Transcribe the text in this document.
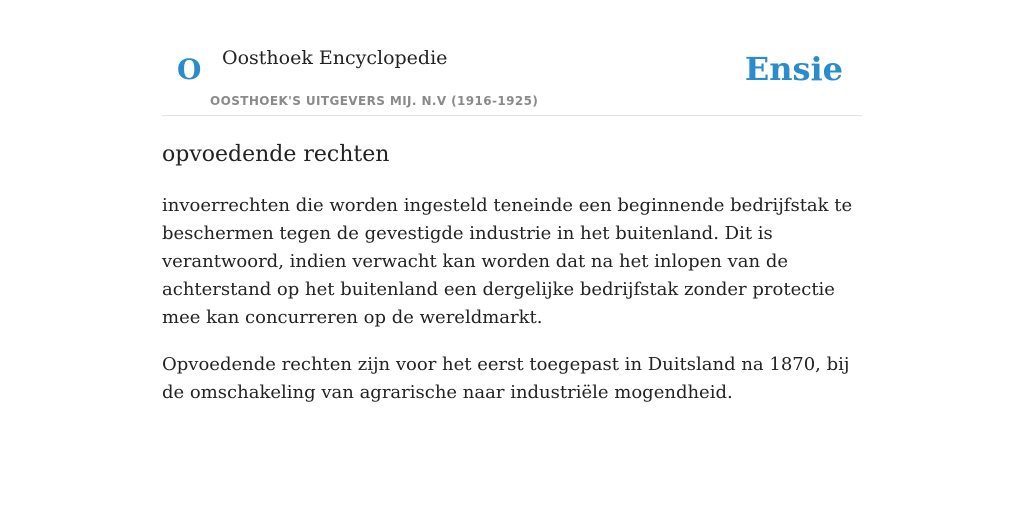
O Oosthoek Encyclopedie
OOSTHOEK'S UITGEVERS MIJ. N.V (1916-1925)
Ensie
opvoedende rechten

invoerrechten die worden ingesteld teneinde een beginnende bedrijfstak te beschermen tegen de gevestigde industrie in het buitenland. Dit is verantwoord, indien verwacht kan worden dat na het inlopen van de achterstand op het buitenland een dergelijke bedrijfstak zonder protectie mee kan concurreren op de wereldmarkt.

Opvoedende rechten zijn voor het eerst toegepast in Duitsland na 1870, bij de omschakeling van agrarische naar industriële mogendheid.
